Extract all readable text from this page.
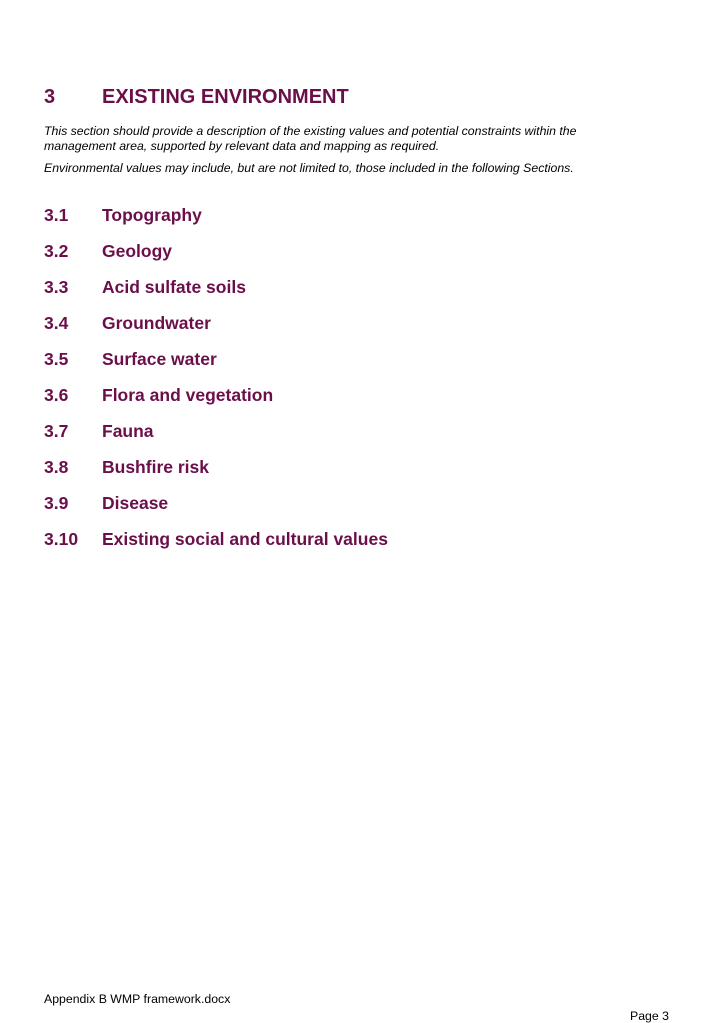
3	EXISTING ENVIRONMENT

This section should provide a description of the existing values and potential constraints within the management area, supported by relevant data and mapping as required.

Environmental values may include, but are not limited to, those included in the following Sections.

3.1	Topography
3.2	Geology
3.3	Acid sulfate soils
3.4	Groundwater
3.5	Surface water
3.6	Flora and vegetation
3.7	Fauna
3.8	Bushfire risk
3.9	Disease
3.10	Existing social and cultural values
Appendix B WMP framework.docx
Page 3
